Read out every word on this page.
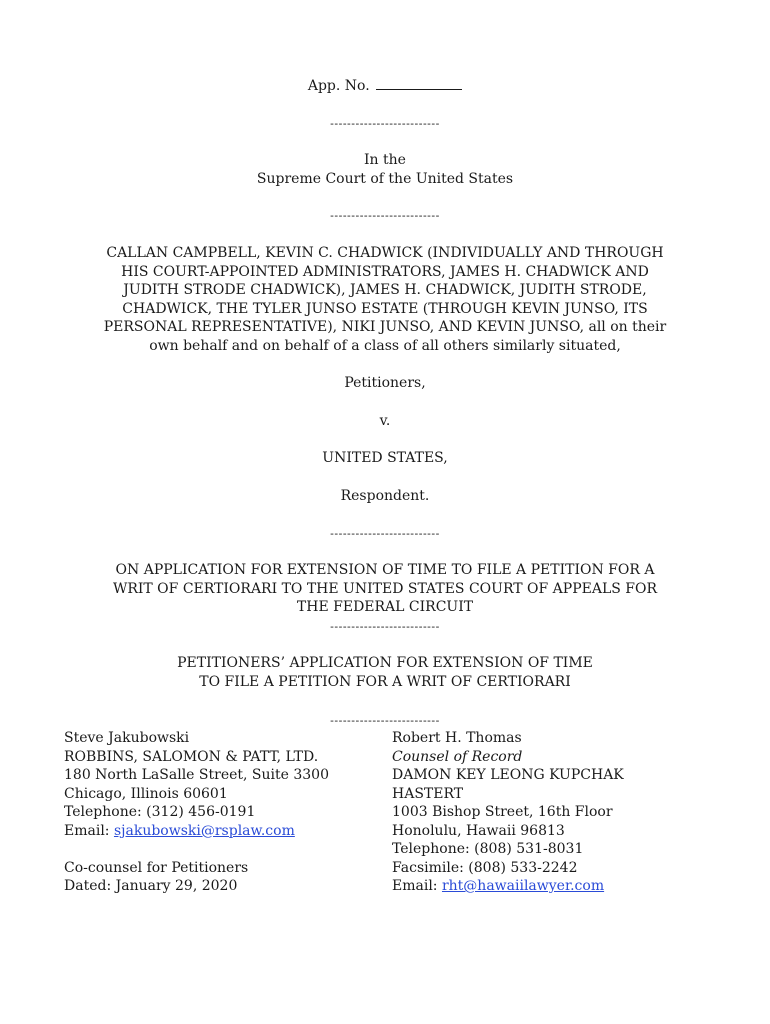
App. No.

--------------------------

In the

Supreme Court of the United States

--------------------------

CALLAN CAMPBELL, KEVIN C. CHADWICK (INDIVIDUALLY AND THROUGH
HIS COURT-APPOINTED ADMINISTRATORS, JAMES H. CHADWICK AND
JUDITH STRODE CHADWICK), JAMES H. CHADWICK, JUDITH STRODE,
CHADWICK, THE TYLER JUNSO ESTATE (THROUGH KEVIN JUNSO, ITS
PERSONAL REPRESENTATIVE), NIKI JUNSO, AND KEVIN JUNSO, all on their
own behalf and on behalf of a class of all others similarly situated,

Petitioners,

v.

UNITED STATES,

Respondent.

--------------------------

ON APPLICATION FOR EXTENSION OF TIME TO FILE A PETITION FOR A

WRIT OF CERTIORARI TO THE UNITED STATES COURT OF APPEALS FOR

THE FEDERAL CIRCUIT

--------------------------

PETITIONERS’ APPLICATION FOR EXTENSION OF TIME

TO FILE A PETITION FOR A WRIT OF CERTIORARI

--------------------------

Steve Jakubowski
ROBBINS, SALOMON & PATT, LTD.
180 North LaSalle Street, Suite 3300
Chicago, Illinois 60601
Telephone: (312) 456-0191
Email: sjakubowski@rsplaw.com
Co-counsel for Petitioners
Dated: January 29, 2020
Robert H. Thomas
Counsel of Record
DAMON KEY LEONG KUPCHAK
HASTERT
1003 Bishop Street, 16th Floor
Honolulu, Hawaii 96813
Telephone: (808) 531-8031
Facsimile: (808) 533-2242
Email: rht@hawaiilawyer.com
